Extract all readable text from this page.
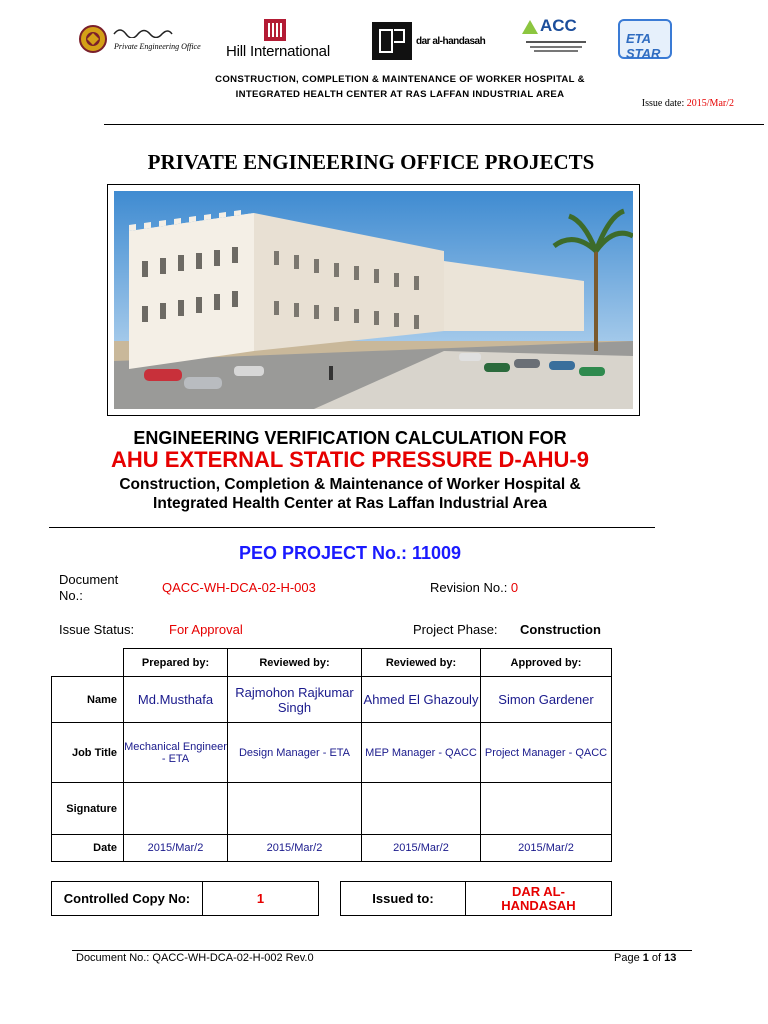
Private Engineering Office Hill International
dar al-handasah
ACC
ETA STAR
CONSTRUCTION, COMPLETION & MAINTENANCE OF WORKER HOSPITAL &
INTEGRATED HEALTH CENTER AT RAS LAFFAN INDUSTRIAL AREA
Issue date: 2015/Mar/2
PRIVATE ENGINEERING OFFICE PROJECTS
ENGINEERING VERIFICATION CALCULATION FOR
AHU EXTERNAL STATIC PRESSURE D-AHU-9
Construction, Completion & Maintenance of Worker Hospital &
Integrated Health Center at Ras Laffan Industrial Area
PEO PROJECT No.: 11009
Document
No.:
QACC-WH-DCA-02-H-003	Revision No.: 0
Issue Status:	For Approval	Project Phase: Construction
	Prepared by:	Reviewed by:	Reviewed by:	Approved by:
Name	Md.Musthafa	Rajmohon Rajkumar Singh	Ahmed El Ghazouly	Simon Gardener
Job Title	Mechanical Engineer - ETA	Design Manager - ETA	MEP Manager - QACC	Project Manager - QACC
Signature				
Date	2015/Mar/2	2015/Mar/2	2015/Mar/2	2015/Mar/2
Controlled Copy No:	1	Issued to:	DAR AL-HANDASAH
Document No.: QACC-WH-DCA-02-H-002 Rev.0	Page 1 of 13
